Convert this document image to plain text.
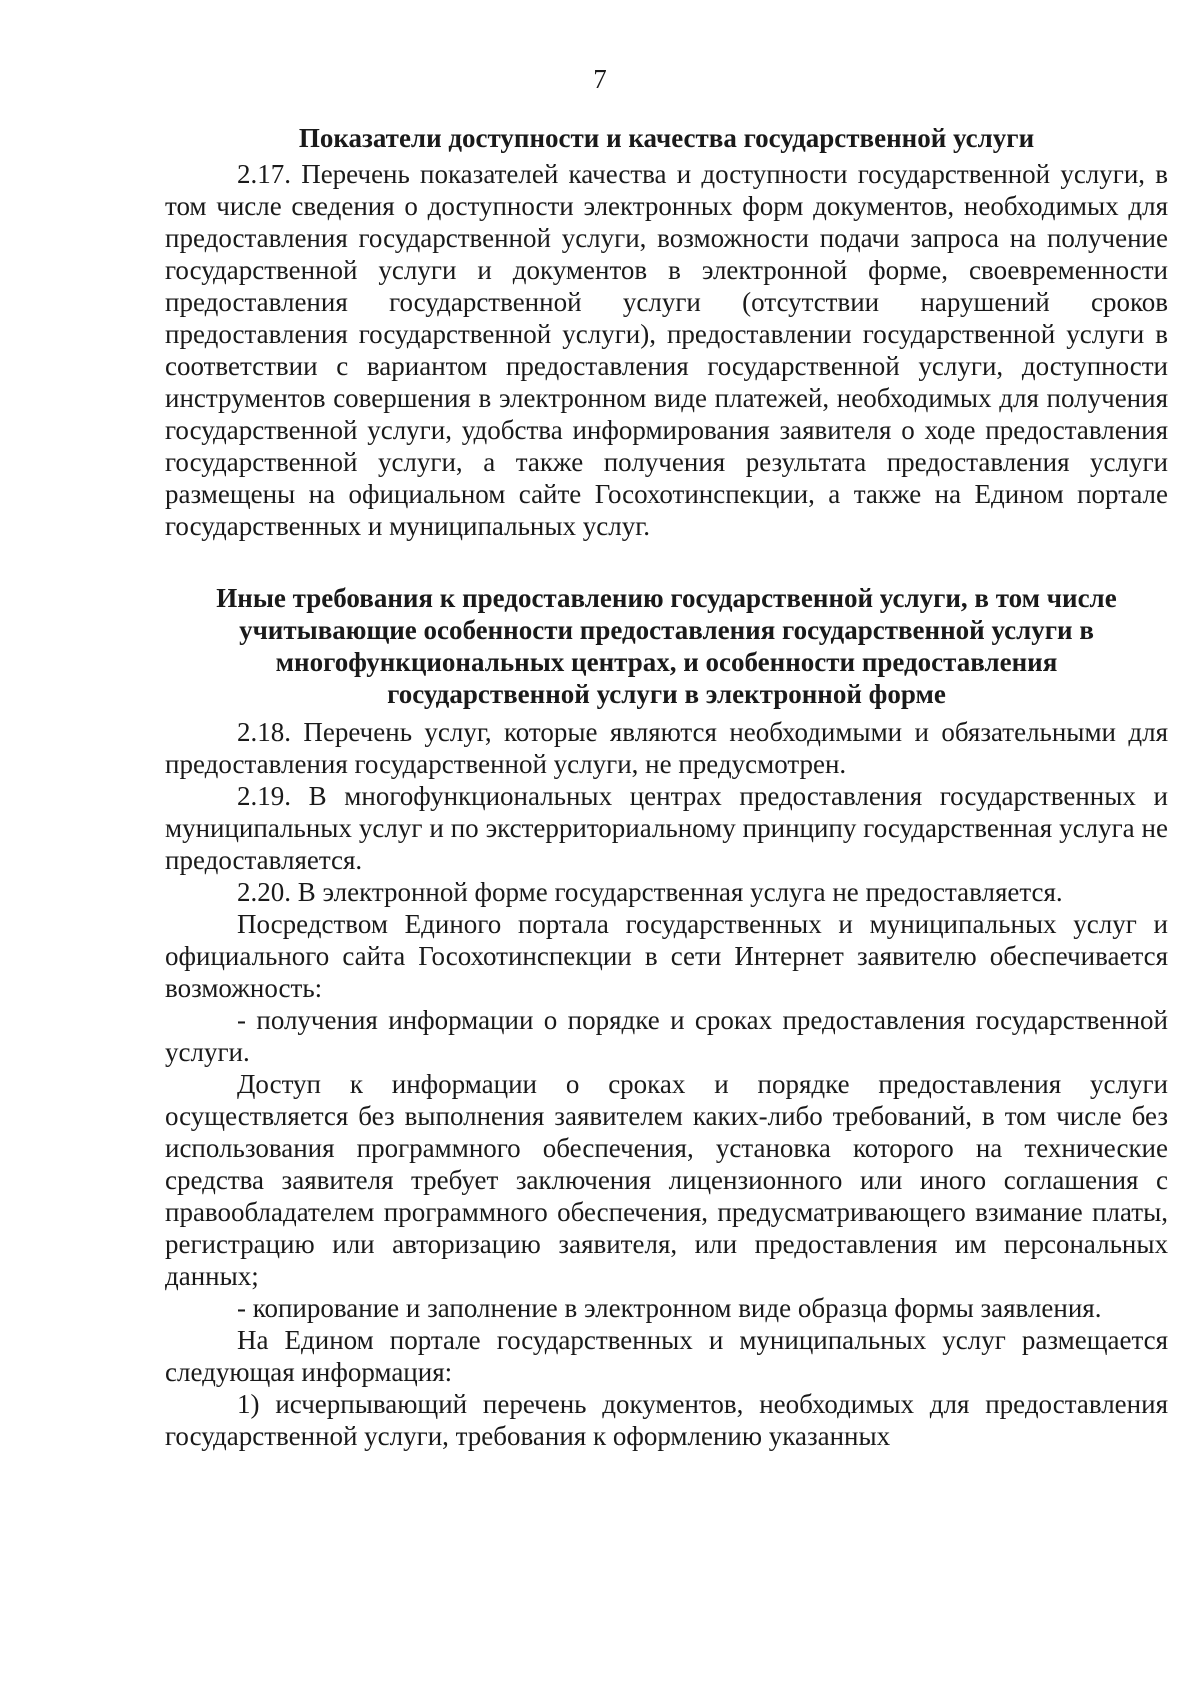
7
Показатели доступности и качества государственной услуги

2.17. Перечень показателей качества и доступности государственной услуги, в том числе сведения о доступности электронных форм документов, необходимых для предоставления государственной услуги, возможности подачи запроса на получение государственной услуги и документов в электронной форме, своевременности предоставления государственной услуги (отсутствии нарушений сроков предоставления государственной услуги), предоставлении государственной услуги в соответствии с вариантом предоставления государственной услуги, доступности инструментов совершения в электронном виде платежей, необходимых для получения государственной услуги, удобства информирования заявителя о ходе предоставления государственной услуги, а также получения результата предоставления услуги размещены на официальном сайте Госохотинспекции, а также на Едином портале государственных и муниципальных услуг.

Иные требования к предоставлению государственной услуги, в том числе учитывающие особенности предоставления государственной услуги в многофункциональных центрах, и особенности предоставления государственной услуги в электронной форме

2.18. Перечень услуг, которые являются необходимыми и обязательными для предоставления государственной услуги, не предусмотрен.

2.19. В многофункциональных центрах предоставления государственных и муниципальных услуг и по экстерриториальному принципу государственная услуга не предоставляется.

2.20. В электронной форме государственная услуга не предоставляется.

Посредством Единого портала государственных и муниципальных услуг и официального сайта Госохотинспекции в сети Интернет заявителю обеспечивается возможность:

- получения информации о порядке и сроках предоставления государственной услуги.

Доступ к информации о сроках и порядке предоставления услуги осуществляется без выполнения заявителем каких-либо требований, в том числе без использования программного обеспечения, установка которого на технические средства заявителя требует заключения лицензионного или иного соглашения с правообладателем программного обеспечения, предусматривающего взимание платы, регистрацию или авторизацию заявителя, или предоставления им персональных данных;

- копирование и заполнение в электронном виде образца формы заявления.

На Едином портале государственных и муниципальных услуг размещается следующая информация:

1) исчерпывающий перечень документов, необходимых для предоставления государственной услуги, требования к оформлению указанных
